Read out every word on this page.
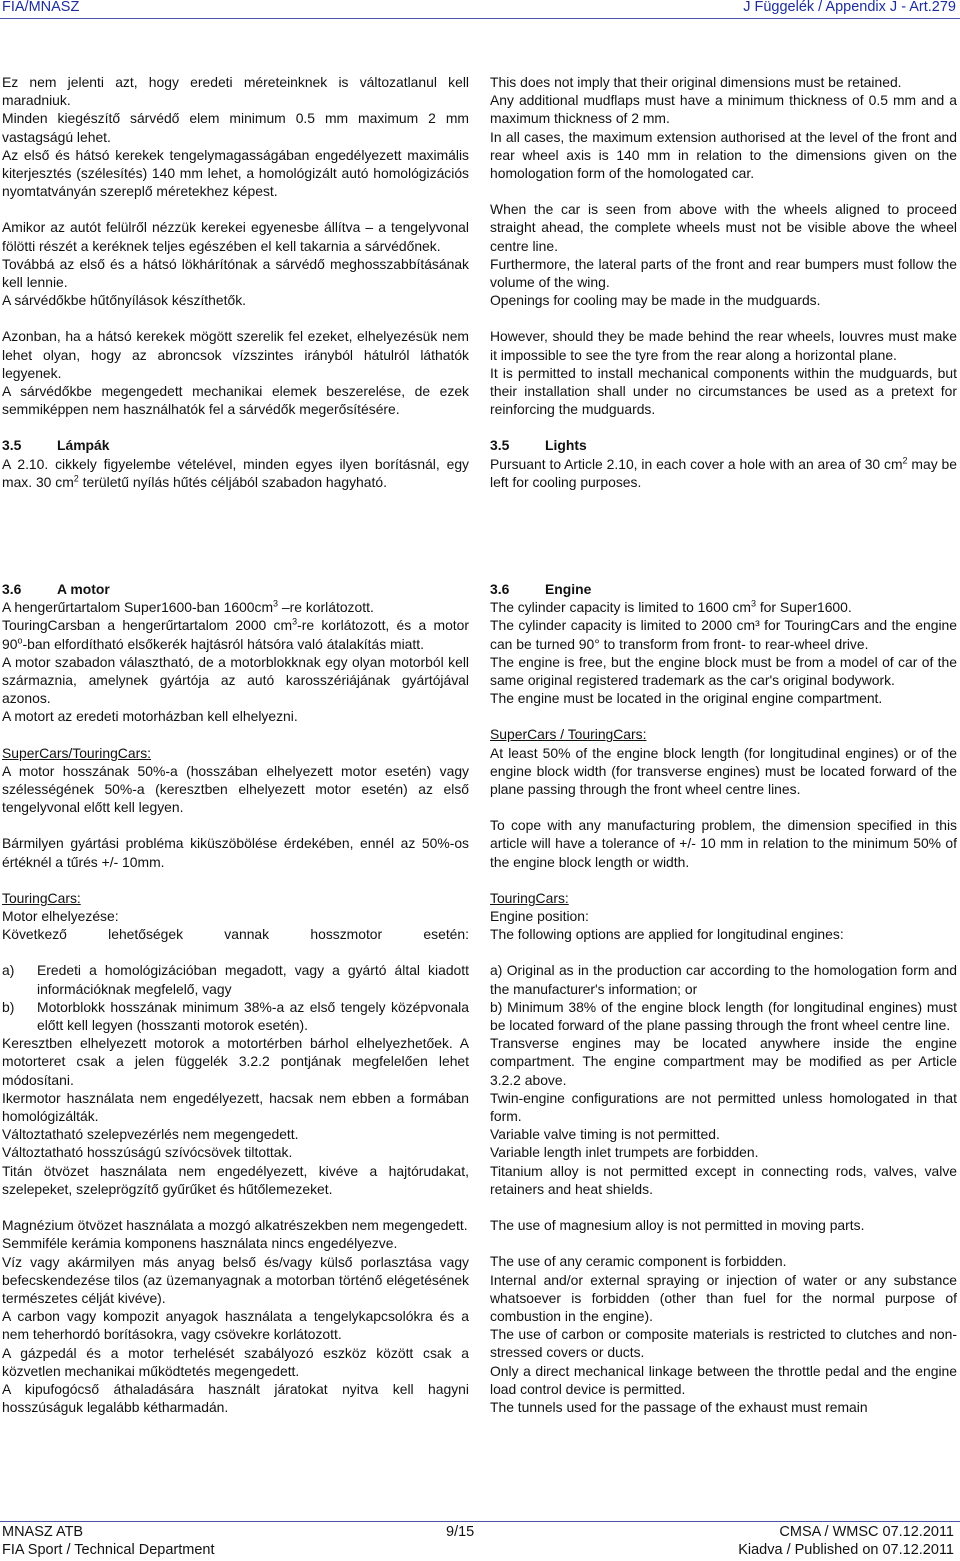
FIA/MNASZ	J Függelék / Appendix J - Art.279

Ez nem jelenti azt, hogy eredeti méreteinknek is változatlanul kell maradniuk.

Minden kiegészítő sárvédő elem minimum 0.5 mm maximum 2 mm vastagságú lehet.

Az első és hátsó kerekek tengelymagasságában engedélyezett maximális kiterjesztés (szélesítés) 140 mm lehet, a homológizált autó homológizációs nyomtatványán szereplő méretekhez képest.

Amikor az autót felülről nézzük kerekei egyenesbe állítva – a tengelyvonal fölötti részét a keréknek teljes egészében el kell takarnia a sárvédőnek.

Továbbá az első és a hátsó lökhárítónak a sárvédő meghosszabbításának kell lennie.

A sárvédőkbe hűtőnyílások készíthetők.

Azonban, ha a hátsó kerekek mögött szerelik fel ezeket, elhelyezésük nem lehet olyan, hogy az abroncsok vízszintes irányból hátulról láthatók legyenek.

A sárvédőkbe megengedett mechanikai elemek beszerelése, de ezek semmiképpen nem használhatók fel a sárvédők megerősítésére.

3.5	Lámpák

A 2.10. cikkely figyelembe vételével, minden egyes ilyen borításnál, egy max. 30 $cm^2$ területű nyílás hűtés céljából szabadon hagyható.

This does not imply that their original dimensions must be retained.

Any additional mudflaps must have a minimum thickness of 0.5 mm and a maximum thickness of 2 mm.

In all cases, the maximum extension authorised at the level of the front and rear wheel axis is 140 mm in relation to the dimensions given on the homologation form of the homologated car.

When the car is seen from above with the wheels aligned to proceed straight ahead, the complete wheels must not be visible above the wheel centre line.

Furthermore, the lateral parts of the front and rear bumpers must follow the volume of the wing.

Openings for cooling may be made in the mudguards.

However, should they be made behind the rear wheels, louvres must make it impossible to see the tyre from the rear along a horizontal plane.

It is permitted to install mechanical components within the mudguards, but their installation shall under no circumstances be used as a pretext for reinforcing the mudguards.

3.5	Lights

Pursuant to Article 2.10, in each cover a hole with an area of 30 $cm^2$ may be left for cooling purposes.

3.6	A motor

A hengerűrtartalom Super1600-ban $1600cm^3$ –re korlátozott.

TouringCarsban a hengerűrtartalom 2000 $cm^3-re$ korlátozott, és a motor 90$^o$-ban elfordítható elsőkerék hajtásról hátsóra való átalakítás miatt.

A motor szabadon választható, de a motorblokknak egy olyan motorból kell származnia, amelynek gyártója az autó karosszériájának gyártójával azonos.

A motort az eredeti motorházban kell elhelyezni.

SuperCars/TouringCars:

A motor hosszának 50%-a (hosszában elhelyezett motor esetén) vagy szélességének 50%-a (keresztben elhelyezett motor esetén) az első tengelyvonal előtt kell legyen.

Bármilyen gyártási probléma kiküszöbölése érdekében, ennél az 50%-os értéknél a tűrés +/- 10mm.

TouringCars:

Motor elhelyezése:

Következő lehetőségek vannak hosszmotor esetén:

a)	Eredeti a homológizációban megadott, vagy a gyártó által kiadott információknak megfelelő, vagy
b)	Motorblokk hosszának minimum 38%-a az első tengely középvonala előtt kell legyen (hosszanti motorok esetén).

Keresztben elhelyezett motorok a motortérben bárhol elhelyezhetőek. A motorteret csak a jelen függelék 3.2.2 pontjának megfelelően lehet módosítani.

Ikermotor használata nem engedélyezett, hacsak nem ebben a formában homológizálták.

Változtatható szelepvezérlés nem megengedett.

Változtatható hosszúságú szívócsövek tiltottak.

Titán ötvözet használata nem engedélyezett, kivéve a hajtórudakat, szelepeket, szeleprögzítő gyűrűket és hűtőlemezeket.

Magnézium ötvözet használata a mozgó alkatrészekben nem megengedett.

Semmiféle kerámia komponens használata nincs engedélyezve.

Víz vagy akármilyen más anyag belső és/vagy külső porlasztása vagy befecskendezése tilos (az üzemanyagnak a motorban történő elégetésének természetes célját kivéve).

A carbon vagy kompozit anyagok használata a tengelykapcsolókra és a nem teherhordó borításokra, vagy csövekre korlátozott.

A gázpedál és a motor terhelését szabályozó eszköz között csak a közvetlen mechanikai működtetés megengedett.

A kipufogócső áthaladására használt járatokat nyitva kell hagyni hosszúságuk legalább kétharmadán.

3.6	Engine

The cylinder capacity is limited to 1600 $cm^3$ for Super1600.

The cylinder capacity is limited to 2000 cm³ for TouringCars and the engine can be turned 90° to transform from front- to rear-wheel drive.

The engine is free, but the engine block must be from a model of car of the same original registered trademark as the car's original bodywork.

The engine must be located in the original engine compartment.

SuperCars / TouringCars:

At least 50% of the engine block length (for longitudinal engines) or of the engine block width (for transverse engines) must be located forward of the plane passing through the front wheel centre lines.

To cope with any manufacturing problem, the dimension specified in this article will have a tolerance of +/- 10 mm in relation to the minimum 50% of the engine block length or width.

TouringCars:

Engine position:

The following options are applied for longitudinal engines:

a) Original as in the production car according to the homologation form and the manufacturer's information; or

b) Minimum 38% of the engine block length (for longitudinal engines) must be located forward of the plane passing through the front wheel centre line.

Transverse engines may be located anywhere inside the engine compartment. The engine compartment may be modified as per Article 3.2.2 above.

Twin-engine configurations are not permitted unless homologated in that form.

Variable valve timing is not permitted.

Variable length inlet trumpets are forbidden.

Titanium alloy is not permitted except in connecting rods, valves, valve retainers and heat shields.

The use of magnesium alloy is not permitted in moving parts.

The use of any ceramic component is forbidden.

Internal and/or external spraying or injection of water or any substance whatsoever is forbidden (other than fuel for the normal purpose of combustion in the engine).

The use of carbon or composite materials is restricted to clutches and non-stressed covers or ducts.

Only a direct mechanical linkage between the throttle pedal and the engine load control device is permitted.

The tunnels used for the passage of the exhaust must remain

MNASZ ATB
FIA Sport / Technical Department
9/15	CMSA / WMSC 07.12.2011
Kiadva / Published on 07.12.2011
